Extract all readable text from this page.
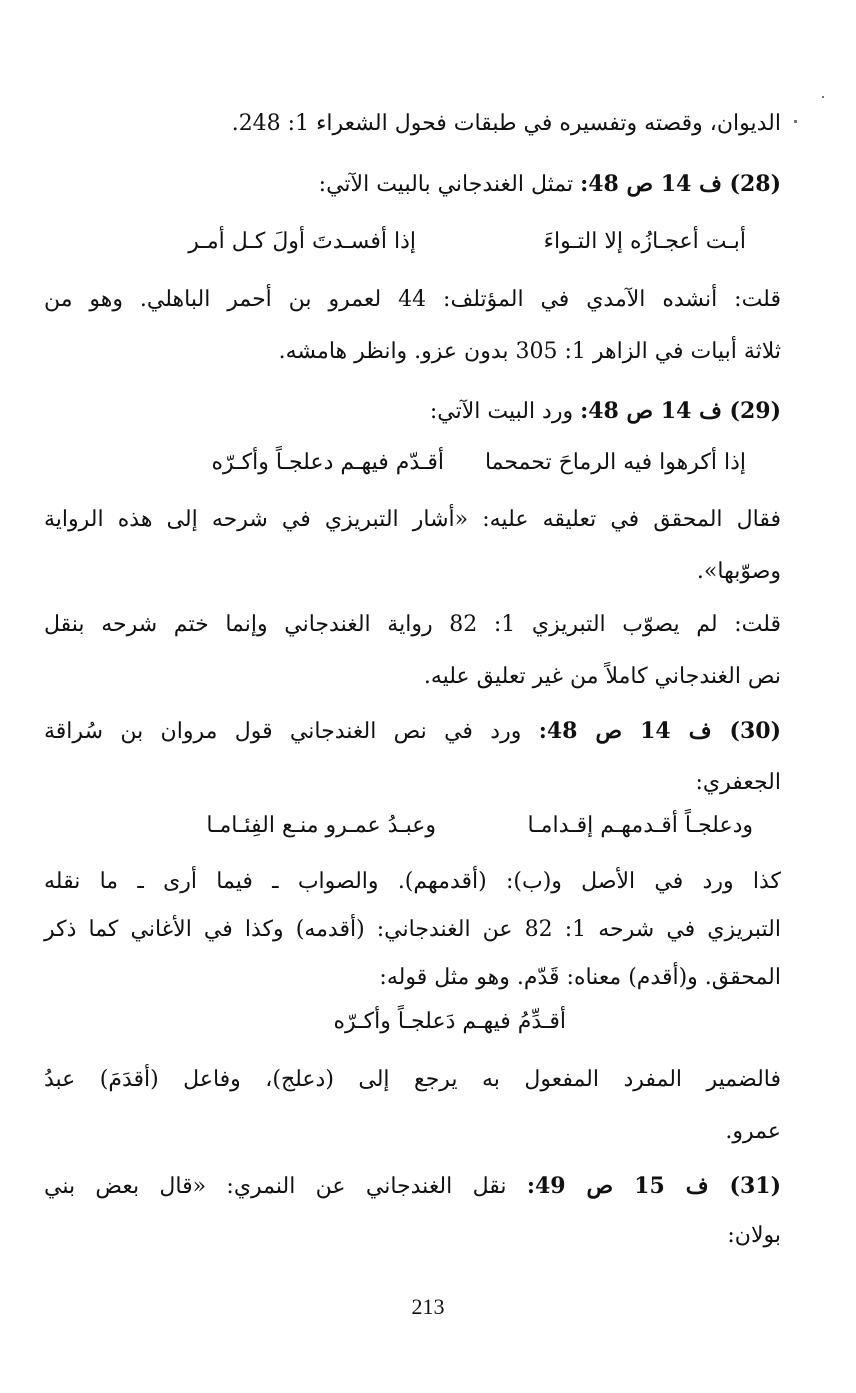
الديوان، وقصته وتفسيره في طبقات فحول الشعراء 1: 248.
(28) ف 14 ص 48: تمثل الغندجاني بالبيت الآتي:
إذا أفسـدتَ أولَ كـل أمـر	أبـت أعجـازُه إلا التـواءَ
قلت: أنشده الآمدي في المؤتلف: 44 لعمرو بن أحمر الباهلي. وهو من
ثلاثة أبيات في الزاهر 1: 305 بدون عزو. وانظر هامشه.
(29) ف 14 ص 48: ورد البيت الآتي:
أقـدّم فيهـم دعلجـاً وأكـرّه إذا أكرهوا فيه الرماحَ تحمحما
فقال المحقق في تعليقه عليه: «أشار التبريزي في شرحه إلى هذه الرواية
وصوّبها».
قلت: لم يصوّب التبريزي 1: 82 رواية الغندجاني وإنما ختم شرحه بنقل
نص الغندجاني كاملاً من غير تعليق عليه.
(30) ف 14 ص 48: ورد في نص الغندجاني قول مروان بن سُراقة
الجعفري:
وعبـدُ عمـرو منـع الفِئـامـا	ودعلجـاً أقـدمهـم إقـدامـا
كذا ورد في الأصل و(ب): (أقدمهم). والصواب ـ فيما أرى ـ ما نقله
التبريزي في شرحه 1: 82 عن الغندجاني: (أقدمه) وكذا في الأغاني كما ذكر
المحقق. و(أقدم) معناه: قَدّم. وهو مثل قوله:
أقـدِّمُ فيهـم دَعلجـاً وأكـرّه
فالضمير المفرد المفعول به يرجع إلى (دعلج)، وفاعل (أقدَمَ) عبدُ
عمرو.
(31) ف 15 ص 49: نقل الغندجاني عن النمري: «قال بعض بني
بولان:
213
